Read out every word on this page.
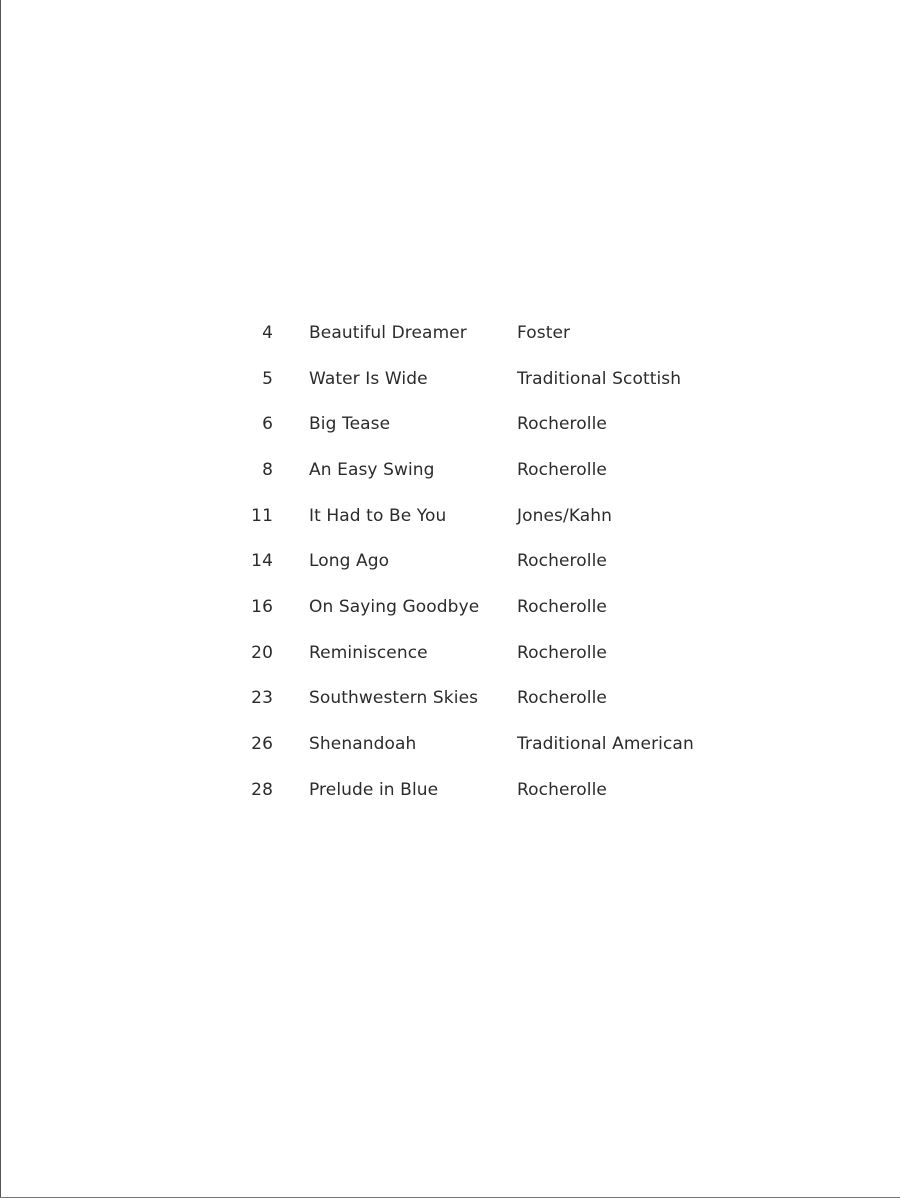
4	Beautiful Dreamer	Foster
5	Water Is Wide	Traditional Scottish
6	Big Tease	Rocherolle
8	An Easy Swing	Rocherolle
11	It Had to Be You	Jones/Kahn
14	Long Ago	Rocherolle
16	On Saying Goodbye	Rocherolle
20	Reminiscence	Rocherolle
23	Southwestern Skies	Rocherolle
26	Shenandoah	Traditional American
28	Prelude in Blue	Rocherolle
